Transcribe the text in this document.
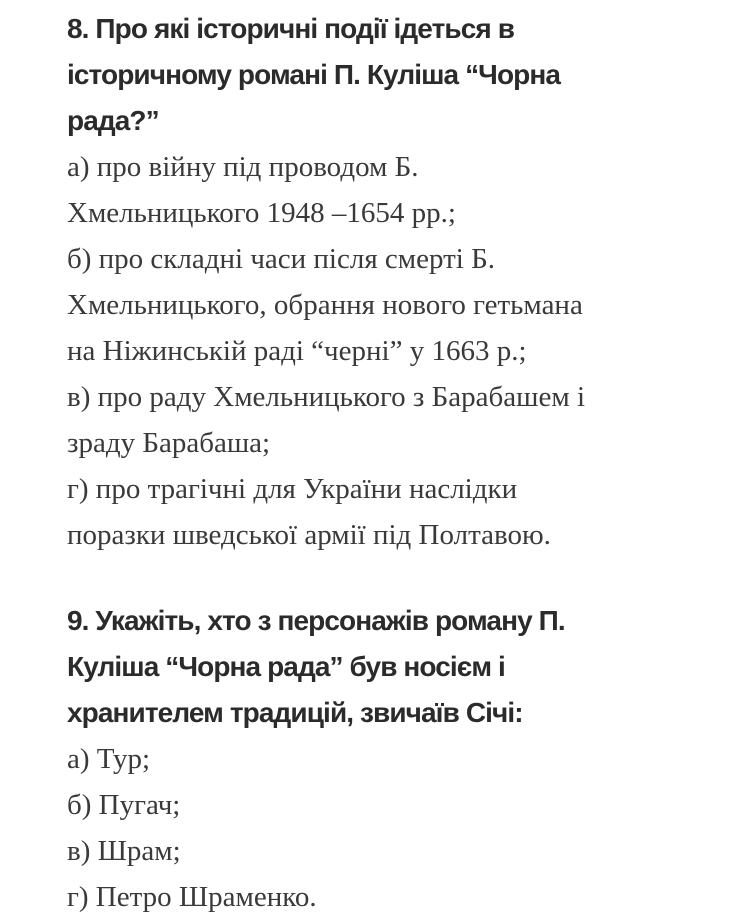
8. Про які історичні події ідеться в
історичному романі П. Куліша “Чорна
рада?”
а) про війну під проводом Б.
Хмельницького 1948 –1654 рр.;
б) про складні часи після смерті Б.
Хмельницького, обрання нового гетьмана
на Ніжинській раді “черні” у 1663 р.;
в) про раду Хмельницького з Барабашем і
зраду Барабаша;
г) про трагічні для України наслідки
поразки шведської армії під Полтавою.
9. Укажіть, хто з персонажів роману П.
Куліша “Чорна рада” був носієм і
хранителем традицій, звичаїв Січі:
а) Тур;
б) Пугач;
в) Шрам;
г) Петро Шраменко.
